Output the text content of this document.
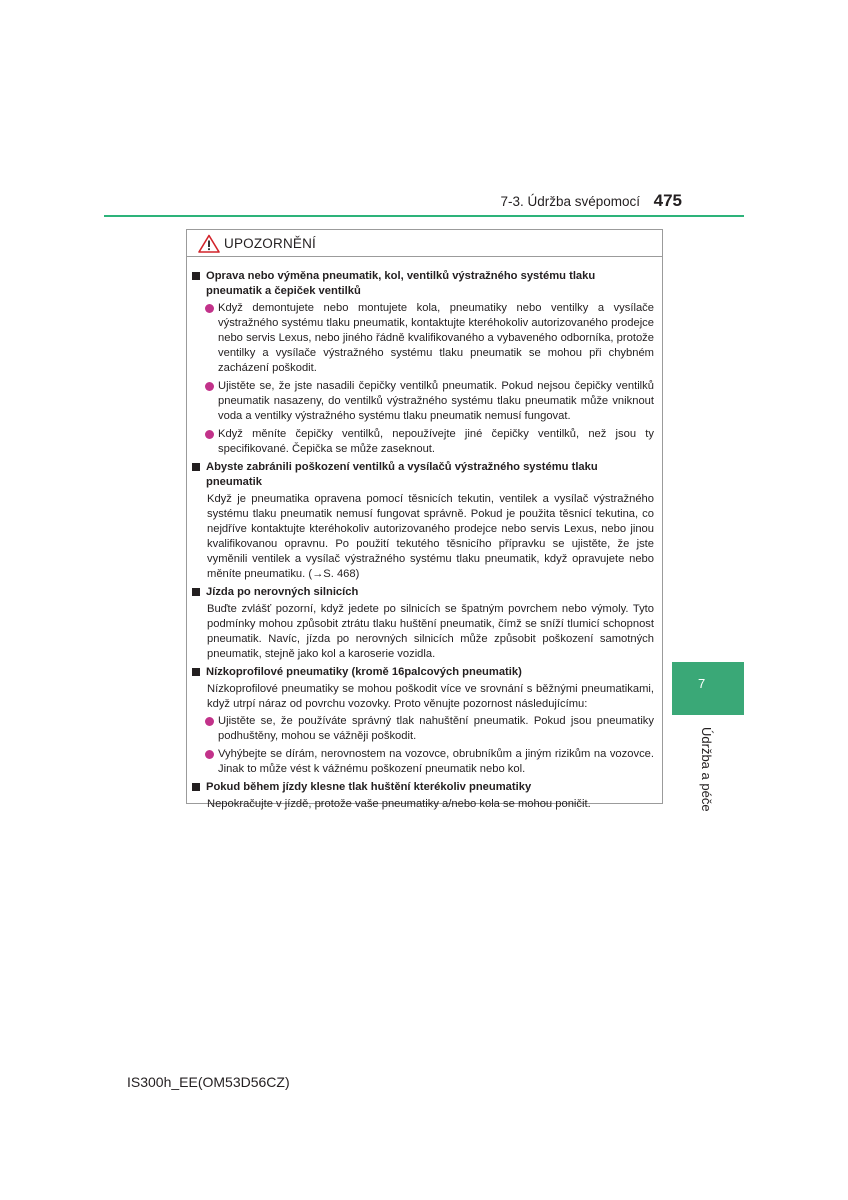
7-3. Údržba svépomocí 475
UPOZORNĚNÍ
Oprava nebo výměna pneumatik, kol, ventilků výstražného systému tlaku pneumatik a čepiček ventilků
Když demontujete nebo montujete kola, pneumatiky nebo ventilky a vysílače výstražného systému tlaku pneumatik, kontaktujte kteréhokoliv autorizovaného prodejce nebo servis Lexus, nebo jiného řádně kvalifikovaného a vybaveného odborníka, protože ventilky a vysílače výstražného systému tlaku pneumatik se mohou při chybném zacházení poškodit.
Ujistěte se, že jste nasadili čepičky ventilků pneumatik. Pokud nejsou čepičky ventilků pneumatik nasazeny, do ventilků výstražného systému tlaku pneumatik může vniknout voda a ventilky výstražného systému tlaku pneumatik nemusí fungovat.
Když měníte čepičky ventilků, nepoužívejte jiné čepičky ventilků, než jsou ty specifikované. Čepička se může zaseknout.
Abyste zabránili poškození ventilků a vysílačů výstražného systému tlaku pneumatik
Když je pneumatika opravena pomocí těsnicích tekutin, ventilek a vysílač výstražného systému tlaku pneumatik nemusí fungovat správně. Pokud je použita těsnicí tekutina, co nejdříve kontaktujte kteréhokoliv autorizovaného prodejce nebo servis Lexus, nebo jinou kvalifikovanou opravnu. Po použití tekutého těsnicího přípravku se ujistěte, že jste vyměnili ventilek a vysílač výstražného systému tlaku pneumatik, když opravujete nebo měníte pneumatiku. (→S. 468)
Jízda po nerovných silnicích
Buďte zvlášť pozorní, když jedete po silnicích se špatným povrchem nebo výmoly. Tyto podmínky mohou způsobit ztrátu tlaku huštění pneumatik, čímž se sníží tlumicí schopnost pneumatik. Navíc, jízda po nerovných silnicích může způsobit poškození samotných pneumatik, stejně jako kol a karoserie vozidla.
Nízkoprofilové pneumatiky (kromě 16palcových pneumatik)
Nízkoprofilové pneumatiky se mohou poškodit více ve srovnání s běžnými pneumatikami, když utrpí náraz od povrchu vozovky. Proto věnujte pozornost následujícímu:
Ujistěte se, že používáte správný tlak nahuštění pneumatik. Pokud jsou pneumatiky podhuštěny, mohou se vážněji poškodit.
Vyhýbejte se dírám, nerovnostem na vozovce, obrubníkům a jiným rizikům na vozovce. Jinak to může vést k vážnému poškození pneumatik nebo kol.
Pokud během jízdy klesne tlak huštění kterékoliv pneumatiky
Nepokračujte v jízdě, protože vaše pneumatiky a/nebo kola se mohou poničit.
7
Údržba a péče
IS300h_EE(OM53D56CZ)
